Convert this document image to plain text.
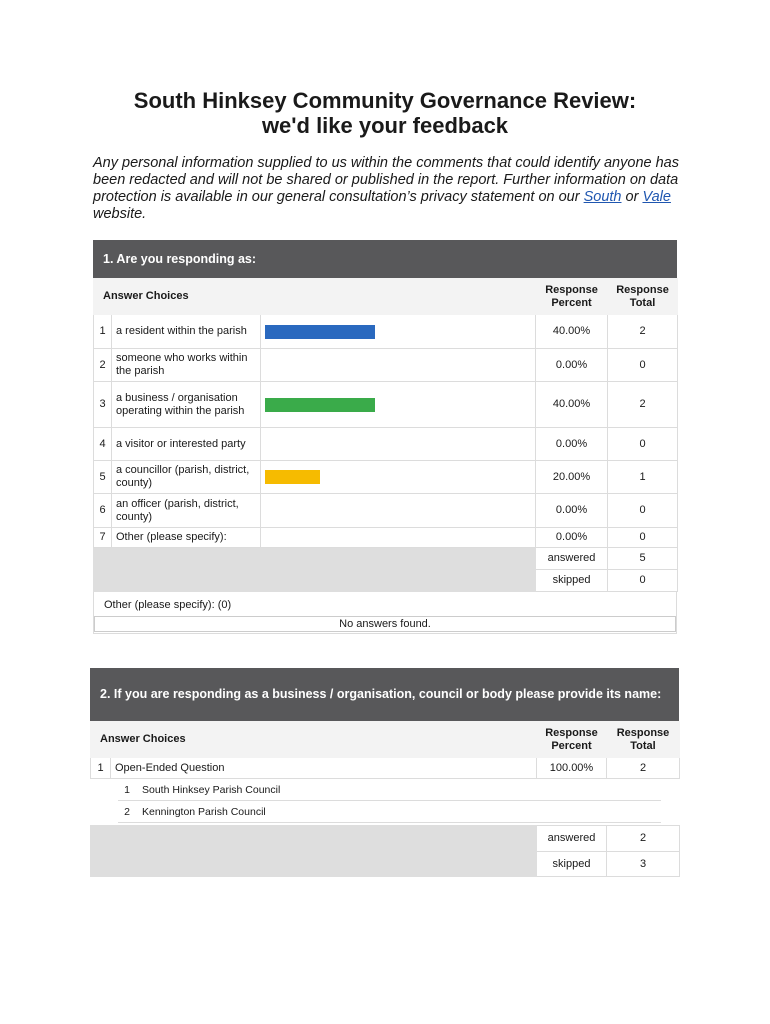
South Hinksey Community Governance Review:
we'd like your feedback
Any personal information supplied to us within the comments that could identify anyone has been redacted and will not be shared or published in the report. Further information on data protection is available in our general consultation’s privacy statement on our South or Vale website.
1. Are you responding as:
Answer Choices			Response Percent	Response Total
1	a resident within the parish		40.00%	2
2	someone who works within the parish		0.00%	0
3	a business / organisation operating within the parish		40.00%	2
4	a visitor or interested party		0.00%	0
5	a councillor (parish, district, county)		20.00%	1
6	an officer (parish, district, county)		0.00%	0
7	Other (please specify):		0.00%	0
			answered	5
			skipped	0
Other (please specify): (0)
No answers found.
2. If you are responding as a business / organisation, council or body please provide its name:
Answer Choices		Response Percent	Response Total
1	Open-Ended Question	100.00%	2
1	South Hinksey Parish Council
2	Kennington Parish Council
	answered	2
	skipped	3
